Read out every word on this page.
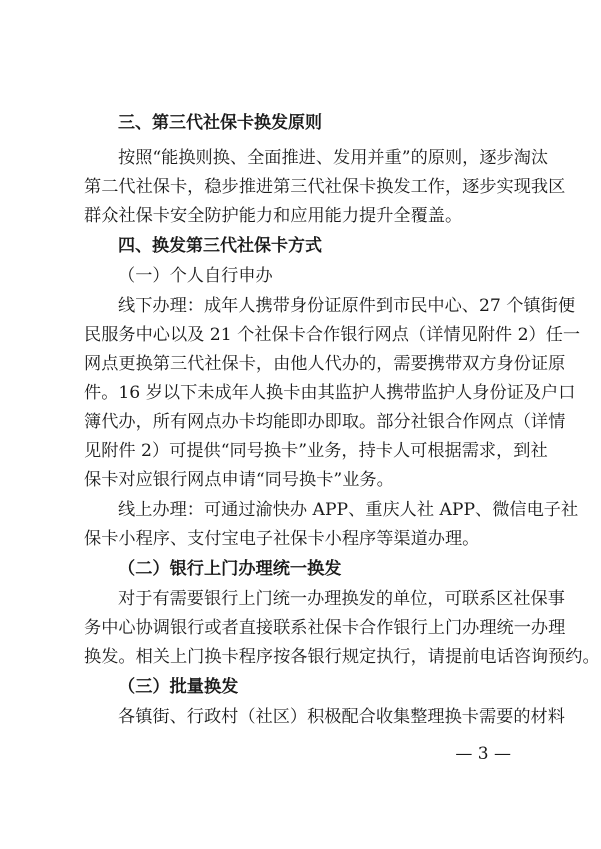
三、第三代社保卡换发原则
按照“能换则换、全面推进、发用并重”的原则，逐步淘汰
第二代社保卡，稳步推进第三代社保卡换发工作，逐步实现我区
群众社保卡安全防护能力和应用能力提升全覆盖。
四、换发第三代社保卡方式
（一）个人自行申办
线下办理：成年人携带身份证原件到市民中心、27 个镇街便
民服务中心以及 21 个社保卡合作银行网点（详情见附件 2）任一
网点更换第三代社保卡，由他人代办的，需要携带双方身份证原
件。16 岁以下未成年人换卡由其监护人携带监护人身份证及户口
簿代办，所有网点办卡均能即办即取。部分社银合作网点（详情
见附件 2）可提供“同号换卡”业务，持卡人可根据需求，到社
保卡对应银行网点申请“同号换卡”业务。
线上办理：可通过渝快办 APP、重庆人社 APP、微信电子社
保卡小程序、支付宝电子社保卡小程序等渠道办理。
（二）银行上门办理统一换发
对于有需要银行上门统一办理换发的单位，可联系区社保事
务中心协调银行或者直接联系社保卡合作银行上门办理统一办理
换发。相关上门换卡程序按各银行规定执行，请提前电话咨询预约。
（三）批量换发
各镇街、行政村（社区）积极配合收集整理换卡需要的材料
— 3 —
